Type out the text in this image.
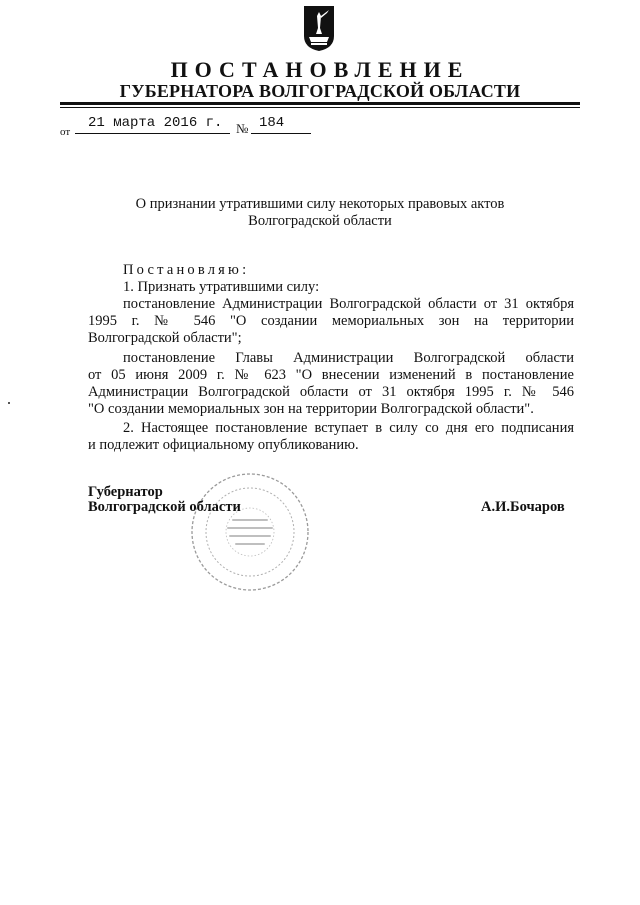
ПОСТАНОВЛЕНИЕ
ГУБЕРНАТОРА ВОЛГОГРАДСКОЙ ОБЛАСТИ
от
21 марта 2016 г. № 184
О признании утратившими силу некоторых правовых актов
Волгоградской области
Постановляю:
1. Признать утратившими силу:
постановление Администрации Волгоградской области от 31 октября
1995 г. № 546 "О создании мемориальных зон на территории
Волгоградской области";
постановление Главы Администрации Волгоградской области
от 05 июня 2009 г. № 623 "О внесении изменений в постановление
Администрации Волгоградской области от 31 октября 1995 г. № 546
"О создании мемориальных зон на территории Волгоградской области".
2. Настоящее постановление вступает в силу со дня его подписания
и подлежит официальному опубликованию.
Губернатор
Волгоградской области	А.И.Бочаров
